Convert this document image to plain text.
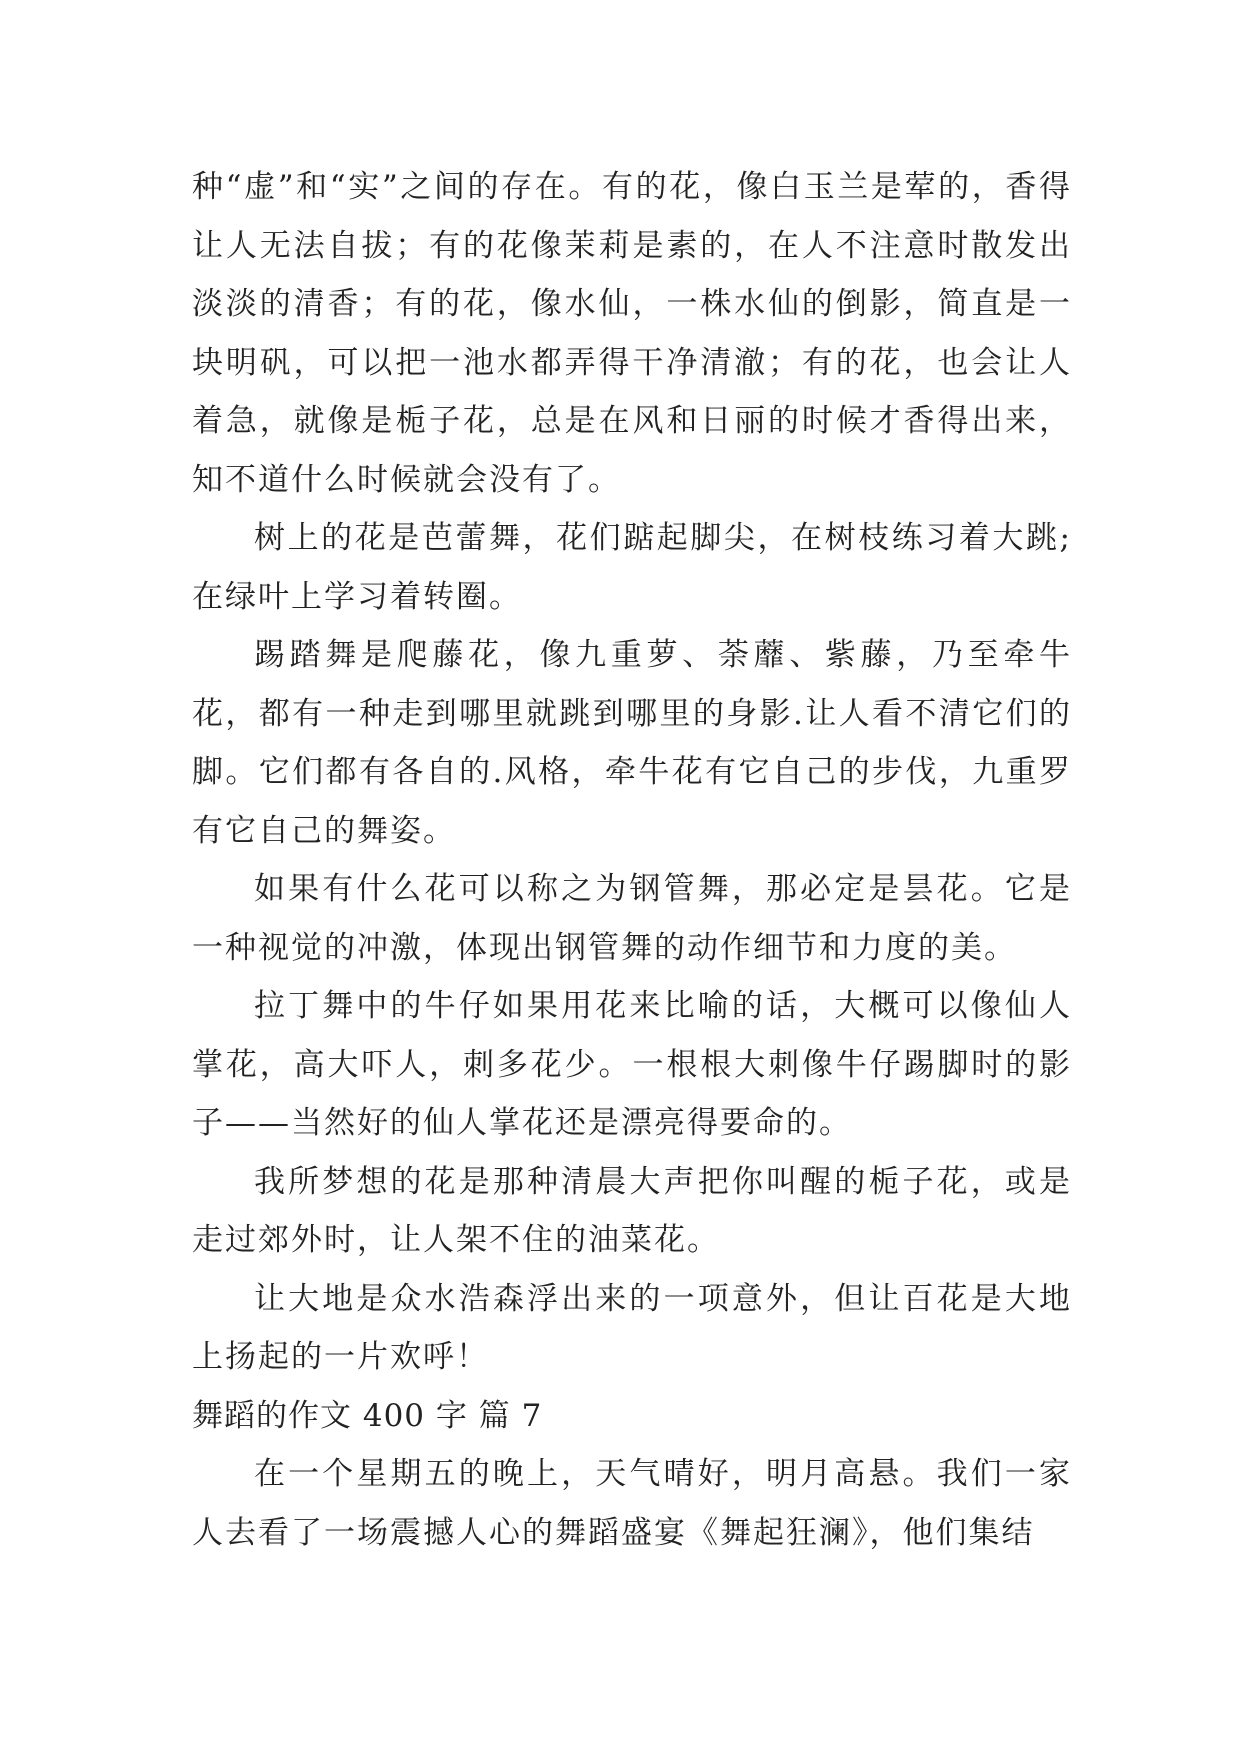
种“虚”和“实”之间的存在。有的花，像白玉兰是荤的，香得让人无法自拔；有的花像茉莉是素的，在人不注意时散发出淡淡的清香；有的花，像水仙，一株水仙的倒影，简直是一块明矾，可以把一池水都弄得干净清澈；有的花，也会让人着急，就像是栀子花，总是在风和日丽的时候才香得出来，知不道什么时候就会没有了。

树上的花是芭蕾舞，花们踮起脚尖，在树枝练习着大跳;在绿叶上学习着转圈。

踢踏舞是爬藤花，像九重萝、荼蘼、紫藤，乃至牵牛花，都有一种走到哪里就跳到哪里的身影.让人看不清它们的脚。它们都有各自的.风格，牵牛花有它自己的步伐，九重罗有它自己的舞姿。

如果有什么花可以称之为钢管舞，那必定是昙花。它是一种视觉的冲激，体现出钢管舞的动作细节和力度的美。

拉丁舞中的牛仔如果用花来比喻的话，大概可以像仙人掌花，高大吓人，刺多花少。一根根大刺像牛仔踢脚时的影子——当然好的仙人掌花还是漂亮得要命的。

我所梦想的花是那种清晨大声把你叫醒的栀子花，或是走过郊外时，让人架不住的油菜花。

让大地是众水浩森浮出来的一项意外，但让百花是大地上扬起的一片欢呼！

舞蹈的作文 400 字 篇 7

在一个星期五的晚上，天气晴好，明月高悬。我们一家人去看了一场震撼人心的舞蹈盛宴《舞起狂澜》，他们集结
